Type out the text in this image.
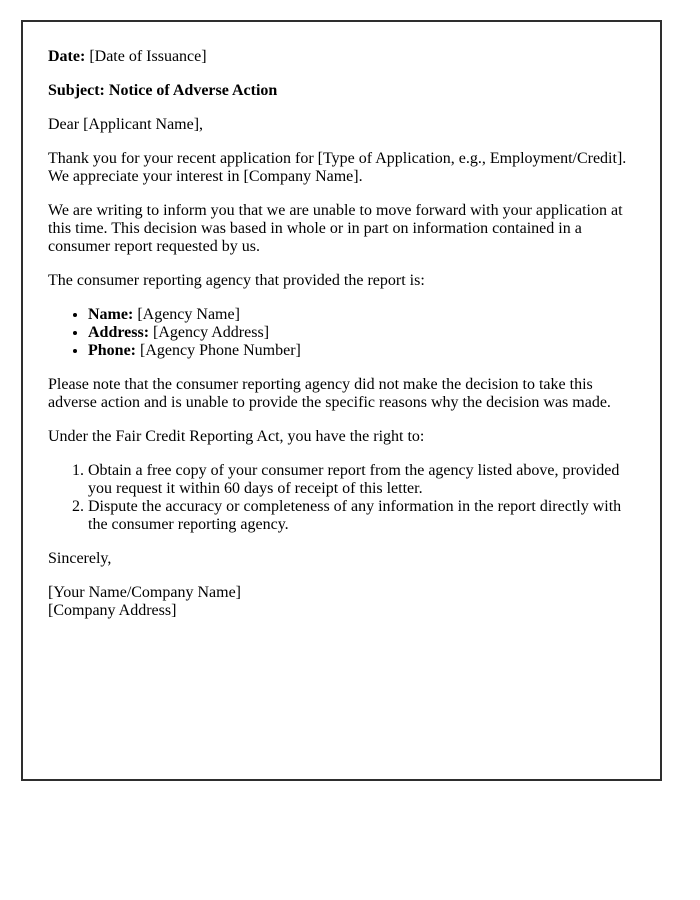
Date: [Date of Issuance]

Subject: Notice of Adverse Action

Dear [Applicant Name],

Thank you for your recent application for [Type of Application, e.g., Employment/Credit]. We appreciate your interest in [Company Name].

We are writing to inform you that we are unable to move forward with your application at this time. This decision was based in whole or in part on information contained in a consumer report requested by us.

The consumer reporting agency that provided the report is:

• Name: [Agency Name]
• Address: [Agency Address]
• Phone: [Agency Phone Number]

Please note that the consumer reporting agency did not make the decision to take this adverse action and is unable to provide the specific reasons why the decision was made.

Under the Fair Credit Reporting Act, you have the right to:

1. Obtain a free copy of your consumer report from the agency listed above, provided you request it within 60 days of receipt of this letter.
2. Dispute the accuracy or completeness of any information in the report directly with the consumer reporting agency.

Sincerely,

[Your Name/Company Name]
[Company Address]
